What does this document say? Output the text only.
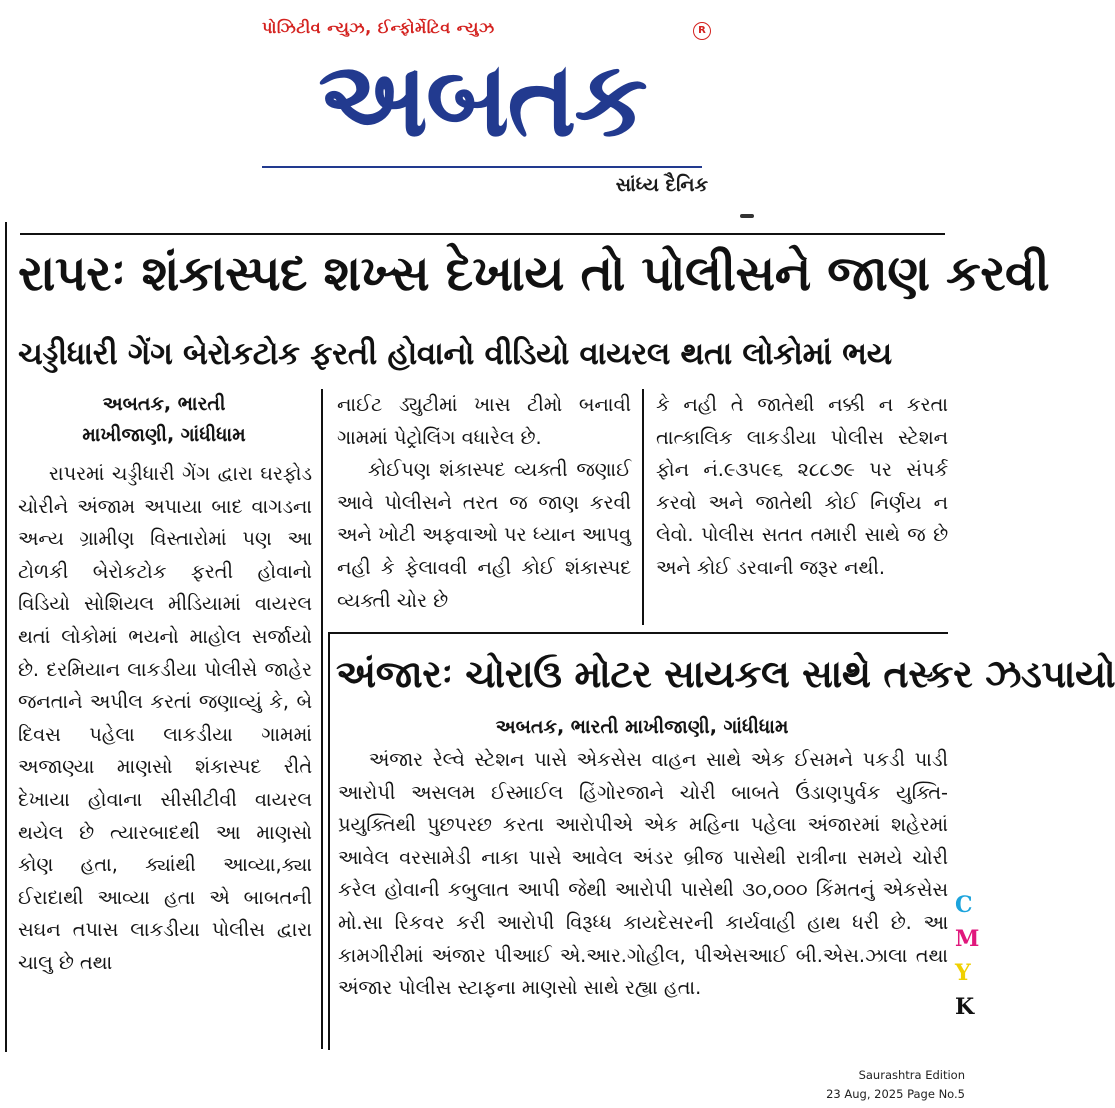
પોઝિટીવ ન્યુઝ, ઈન્ફોર્મેટિવ ન્યુઝ	R
અબતક
સાંધ્ય દૈનિક
રાપરઃ શંકાસ્પદ શખ્સ દેખાય તો પોલીસને જાણ કરવી
ચડ્ડીધારી ગેંગ બેરોકટોક ફરતી હોવાનો વીડિયો વાયરલ થતા લોકોમાં ભય
અબતક, ભારતી
માખીજાણી, ગાંધીધામ

રાપરમાં ચડ્ડીધારી ગેંગ દ્વારા ઘરફોડ ચોરીને અંજામ અપાયા બાદ વાગડના અન્ય ગ્રામીણ વિસ્તારોમાં પણ આ ટોળકી બેરોકટોક ફરતી હોવાનો વિડિયો સોશિયલ મીડિયામાં વાયરલ થતાં લોકોમાં ભયનો માહોલ સર્જાયો છે. દરમિયાન લાકડીયા પોલીસે જાહેર જનતાને અપીલ કરતાં જણાવ્યું કે, બે દિવસ પહેલા લાકડીયા ગામમાં અજાણ્યા માણસો શંકાસ્પદ રીતે દેખાયા હોવાના સીસીટીવી વાયરલ થયેલ છે ત્યારબાદથી આ માણસો કોણ હતા, ક્યાંથી આવ્યા,ક્યા ઈરાદાથી આવ્યા હતા એ બાબતની સઘન તપાસ લાકડીયા પોલીસ દ્વારા ચાલુ છે તથા

નાઈટ ડ્યુટીમાં ખાસ ટીમો બનાવી ગામમાં પેટ્રોલિંગ વધારેલ છે.

કોઈપણ શંકાસ્પદ વ્યક્તી જણાઈ આવે પોલીસને તરત જ જાણ કરવી અને ખોટી અફવાઓ પર ધ્યાન આપવુ નહી કે ફેલાવવી નહી કોઈ શંકાસ્પદ વ્યક્તી ચોર છે

કે નહી તે જાતેથી નક્કી ન કરતા તાત્કાલિક લાકડીયા પોલીસ સ્ટેશન ફોન નં.૯૩૫૯૬ ૨૮૮૭૯ પર સંપર્ક કરવો અને જાતેથી કોઈ નિર્ણય ન લેવો. પોલીસ સતત તમારી સાથે જ છે અને કોઈ ડરવાની જરૂર નથી.

અંજારઃ ચોરાઉ મોટર સાયકલ સાથે તસ્કર ઝડપાયો
અબતક, ભારતી માખીજાણી, ગાંધીધામ

અંજાર રેલ્વે સ્ટેશન પાસે એકસેસ વાહન સાથે એક ઈસમને પકડી પાડી આરોપી અસલમ ઈસ્માઈલ હિંગોરજાને ચોરી બાબતે ઉંડાણપુર્વક યુક્તિ- પ્રયુક્તિથી પુછપરછ કરતા આરોપીએ એક મહિના પહેલા અંજારમાં શહેરમાં આવેલ વરસામેડી નાકા પાસે આવેલ અંડર બ્રીજ પાસેથી રાત્રીના સમયે ચોરી કરેલ હોવાની કબુલાત આપી જેથી આરોપી પાસેથી ૩૦,૦૦૦ કિંમતનું એકસેસ મો.સા રિકવર કરી આરોપી વિરૂધ્ધ કાયદેસરની કાર્યવાહી હાથ ધરી છે. આ કામગીરીમાં અંજાર પીઆઈ એ.આર.ગોહીલ, પીએસઆઈ બી.એસ.ઝાલા તથા અંજાર પોલીસ સ્ટાફના માણસો સાથે રહ્યા હતા.

C
M
Y
K
Saurashtra Edition
23 Aug, 2025 Page No.5
